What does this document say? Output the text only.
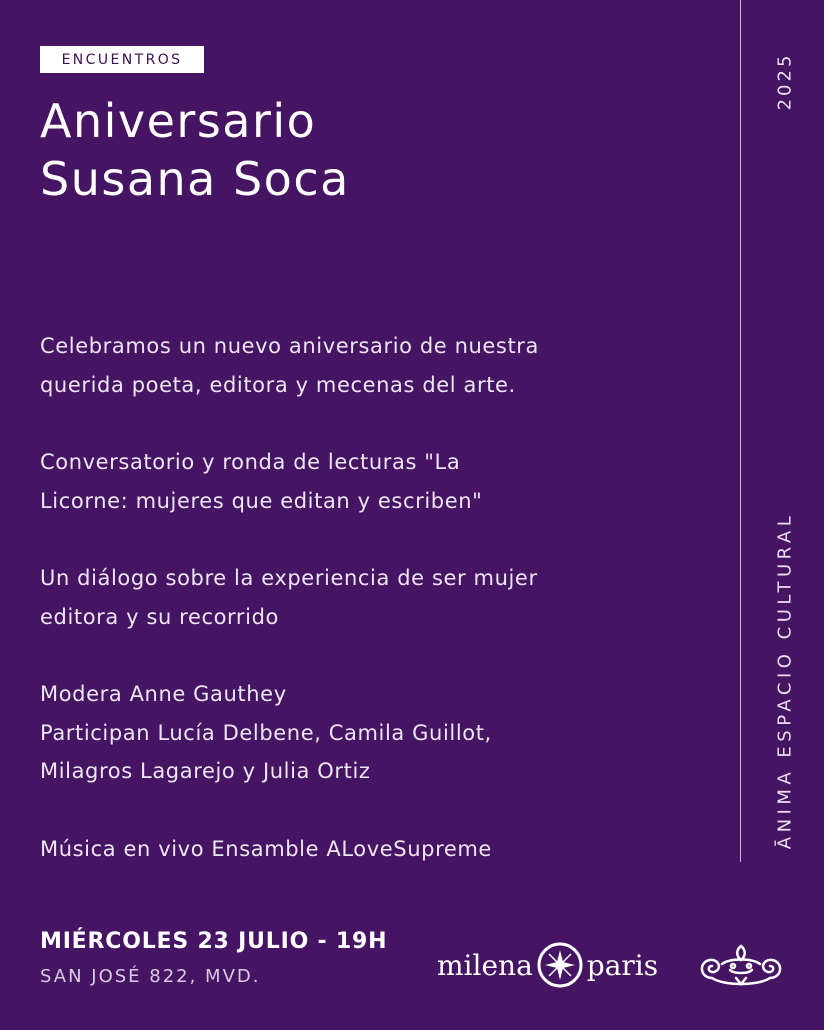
ENCUENTROS
Aniversario
Susana Soca
Celebramos un nuevo aniversario de nuestra
querida poeta, editora y mecenas del arte.
Conversatorio y ronda de lecturas "La
Licorne: mujeres que editan y escriben"
Un diálogo sobre la experiencia de ser mujer
editora y su recorrido
Modera Anne Gauthey
Participan Lucía Delbene, Camila Guillot,
Milagros Lagarejo y Julia Ortiz
Música en vivo Ensamble ALoveSupreme
2025
ĀNIMA ESPACIO CULTURAL
MIÉRCOLES 23 JULIO - 19H
SAN JOSÉ 822, MVD.	milena paris
